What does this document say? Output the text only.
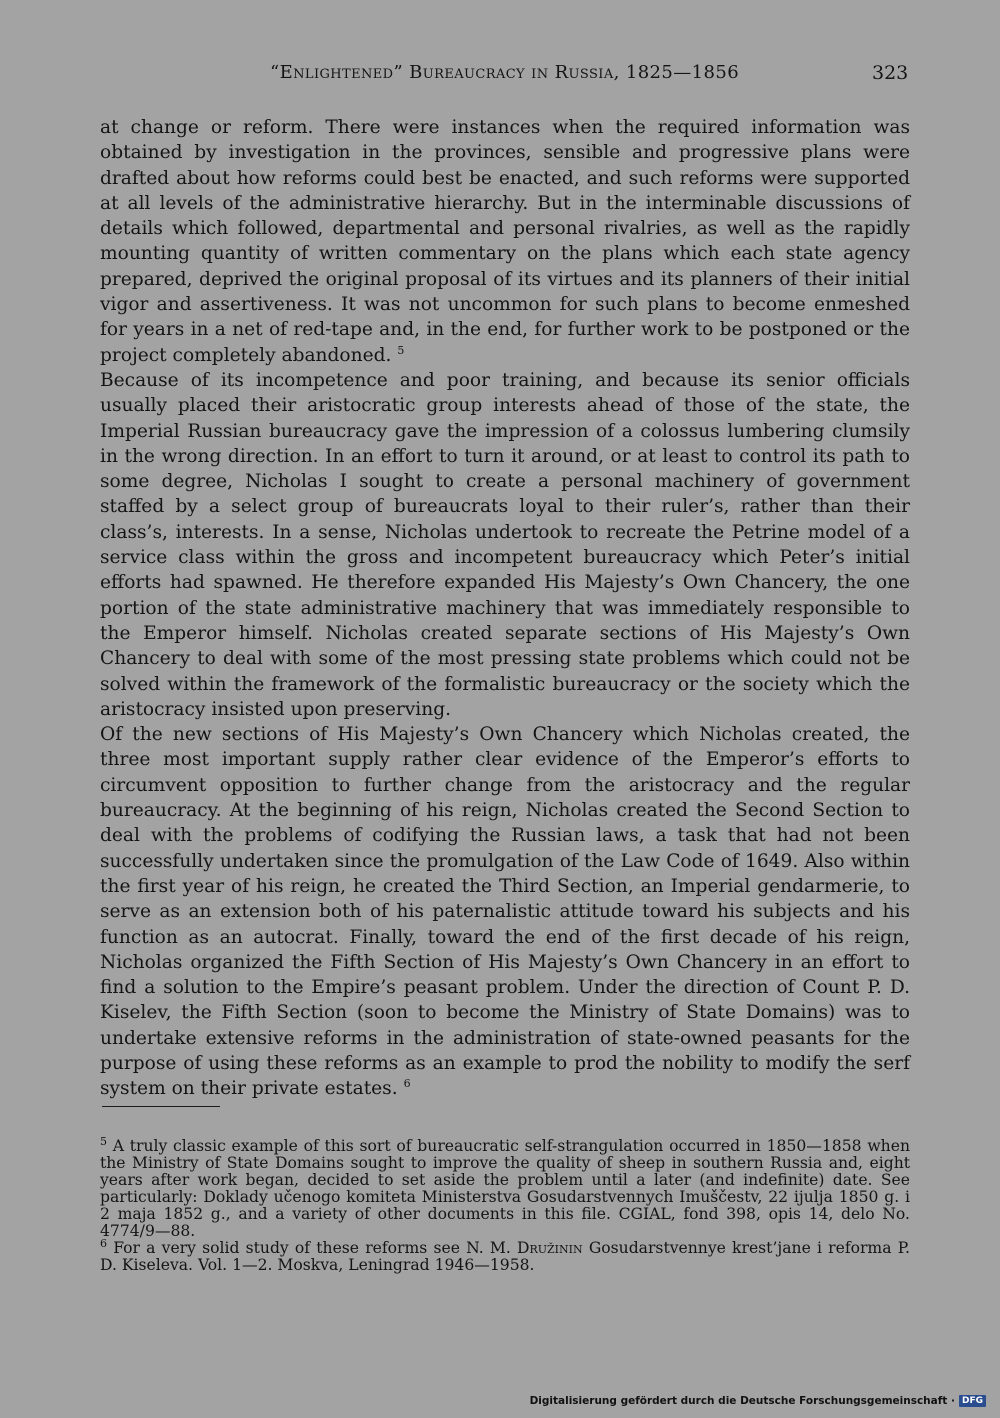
“Enlightened” Bureaucracy in Russia, 1825—1856	323

at change or reform. There were instances when the required information was obtained by investigation in the provinces, sensible and progressive plans were drafted about how reforms could best be enacted, and such reforms were supported at all levels of the administrative hierarchy. But in the interminable discussions of details which followed, departmental and personal rivalries, as well as the rapidly mounting quantity of written commentary on the plans which each state agency prepared, deprived the original proposal of its virtues and its planners of their initial vigor and assertiveness. It was not uncommon for such plans to become enmeshed for years in a net of red-tape and, in the end, for further work to be postponed or the project completely abandoned. $^5$

Because of its incompetence and poor training, and because its senior officials usually placed their aristocratic group interests ahead of those of the state, the Imperial Russian bureaucracy gave the impression of a colossus lumbering clumsily in the wrong direction. In an effort to turn it around, or at least to control its path to some degree, Nicholas I sought to create a personal machinery of government staffed by a select group of bureaucrats loyal to their ruler’s, rather than their class’s, interests. In a sense, Nicholas undertook to recreate the Petrine model of a service class within the gross and incompetent bureaucracy which Peter’s initial efforts had spawned. He therefore expanded His Majesty’s Own Chancery, the one portion of the state administrative machinery that was immediately responsible to the Emperor himself. Nicholas created separate sections of His Majesty’s Own Chancery to deal with some of the most pressing state problems which could not be solved within the framework of the formalistic bureaucracy or the society which the aristocracy insisted upon preserving.

Of the new sections of His Majesty’s Own Chancery which Nicholas created, the three most important supply rather clear evidence of the Emperor’s efforts to circumvent opposition to further change from the aristocracy and the regular bureaucracy. At the beginning of his reign, Nicholas created the Second Section to deal with the problems of codifying the Russian laws, a task that had not been successfully undertaken since the promulgation of the Law Code of 1649. Also within the first year of his reign, he created the Third Section, an Imperial gendarmerie, to serve as an extension both of his paternalistic attitude toward his subjects and his function as an autocrat. Finally, toward the end of the first decade of his reign, Nicholas organized the Fifth Section of His Majesty’s Own Chancery in an effort to find a solution to the Empire’s peasant problem. Under the direction of Count P. D. Kiselev, the Fifth Section (soon to become the Ministry of State Domains) was to undertake extensive reforms in the administration of state-owned peasants for the purpose of using these reforms as an example to prod the nobility to modify the serf system on their private estates. $^6$

$^5$ A truly classic example of this sort of bureaucratic self-strangulation occurred in 1850—1858 when the Ministry of State Domains sought to improve the quality of sheep in southern Russia and, eight years after work began, decided to set aside the problem until a later (and indefinite) date. See particularly: Doklady učenogo komiteta Ministerstva Gosudarstvennych Imuščestv, 22 ijulja 1850 g. i 2 maja 1852 g., and a variety of other documents in this file. CGIAL, fond 398, opis 14, delo No. 4774/9—88.

$^6$ For a very solid study of these reforms see N. M. Družinin Gosudarstvennye krest’jane i reforma P. D. Kiseleva. Vol. 1—2. Moskva, Leningrad 1946—1958.

Digitalisierung gefördert durch die Deutsche Forschungsgemeinschaft · DFG
